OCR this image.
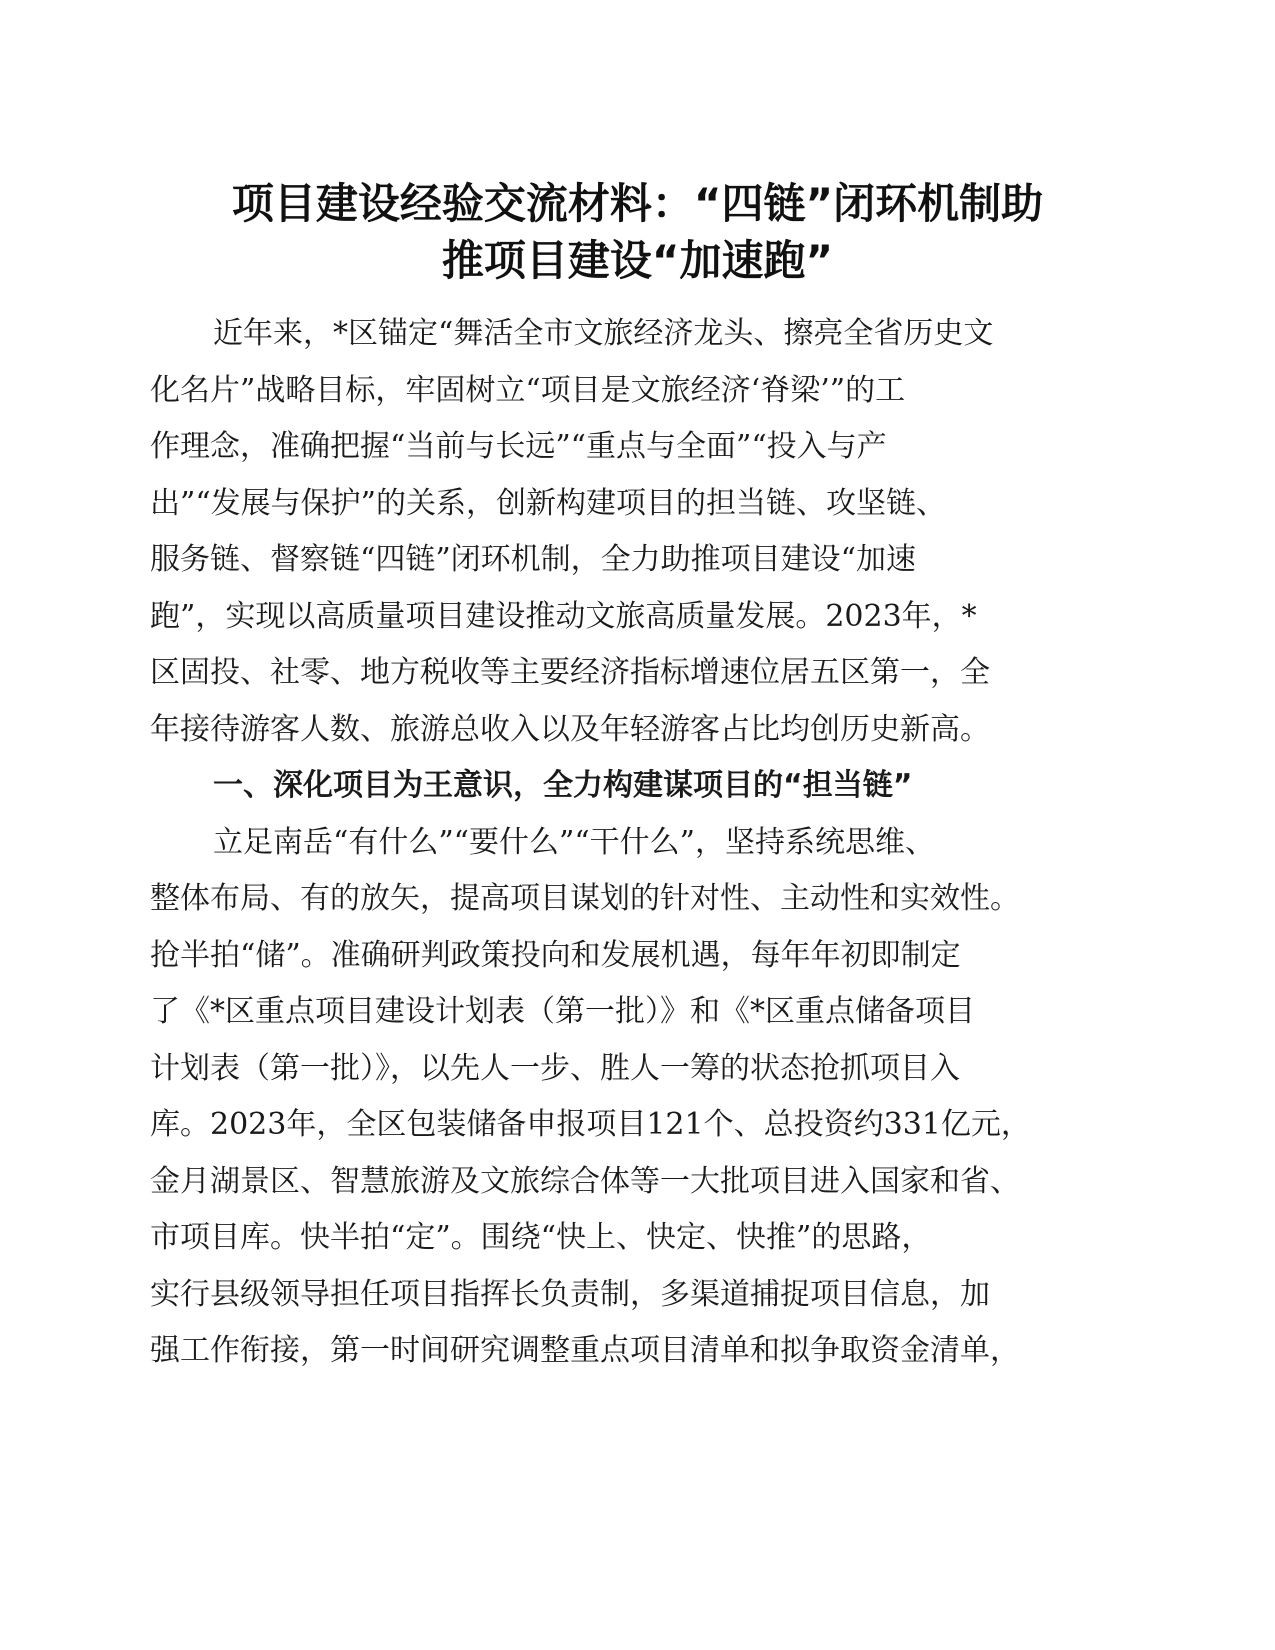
项目建设经验交流材料：“四链”闭环机制助
推项目建设“加速跑”
近年来，*区锚定“舞活全市文旅经济龙头、擦亮全省历史文
化名片”战略目标，牢固树立“项目是文旅经济‘脊梁’”的工
作理念，准确把握“当前与长远”“重点与全面”“投入与产
出”“发展与保护”的关系，创新构建项目的担当链、攻坚链、
服务链、督察链“四链”闭环机制，全力助推项目建设“加速
跑”，实现以高质量项目建设推动文旅高质量发展。2023年，*
区固投、社零、地方税收等主要经济指标增速位居五区第一，全
年接待游客人数、旅游总收入以及年轻游客占比均创历史新高。
一、深化项目为王意识，全力构建谋项目的“担当链”
立足南岳“有什么”“要什么”“干什么”，坚持系统思维、
整体布局、有的放矢，提高项目谋划的针对性、主动性和实效性。
抢半拍“储”。准确研判政策投向和发展机遇，每年年初即制定
了《*区重点项目建设计划表（第一批）》和《*区重点储备项目
计划表（第一批）》，以先人一步、胜人一筹的状态抢抓项目入
库。2023年，全区包装储备申报项目121个、总投资约331亿元，
金月湖景区、智慧旅游及文旅综合体等一大批项目进入国家和省、
市项目库。快半拍“定”。围绕“快上、快定、快推”的思路，
实行县级领导担任项目指挥长负责制，多渠道捕捉项目信息，加
强工作衔接，第一时间研究调整重点项目清单和拟争取资金清单，
